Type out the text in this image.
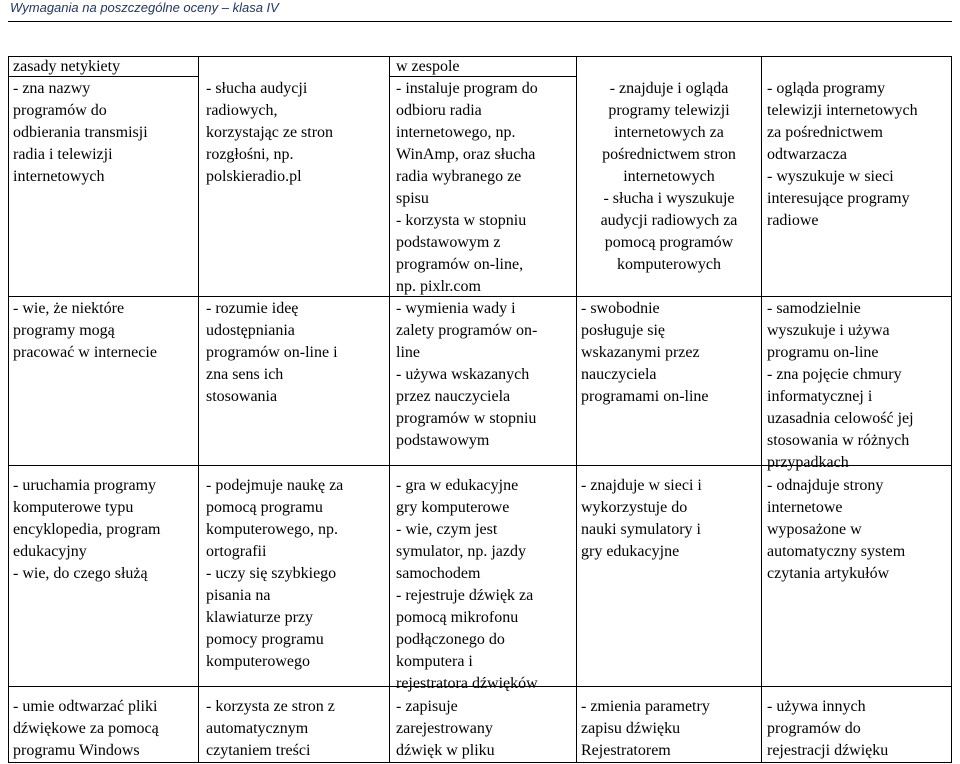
Wymagania na poszczególne oceny – klasa IV

zasady netykiety

- zna nazwy
programów do
odbierania transmisji
radia i telewizji
internetowych

- wie, że niektóre
programy mogą
pracować w internecie

- uruchamia programy
komputerowe typu
encyklopedia, program
edukacyjny
- wie, do czego służą

- umie odtwarzać pliki
dźwiękowe za pomocą
programu Windows

- słucha audycji
radiowych,
korzystając ze stron
rozgłośni, np.
polskieradio.pl

- rozumie ideę
udostępniania
programów on-line i
zna sens ich
stosowania

- podejmuje naukę za
pomocą programu
komputerowego, np.
ortografii
- uczy się szybkiego
pisania na
klawiaturze przy
pomocy programu
komputerowego

- korzysta ze stron z
automatycznym
czytaniem treści

w zespole

- instaluje program do
odbioru radia
internetowego, np.
WinAmp, oraz słucha
radia wybranego ze
spisu
- korzysta w stopniu
podstawowym z
programów on-line,
np. pixlr.com

- wymienia wady i
zalety programów on-
line
- używa wskazanych
przez nauczyciela
programów w stopniu
podstawowym

- gra w edukacyjne
gry komputerowe
- wie, czym jest
symulator, np. jazdy
samochodem
- rejestruje dźwięk za
pomocą mikrofonu
podłączonego do
komputera i
rejestratora dźwięków

- zapisuje
zarejestrowany
dźwięk w pliku

- znajduje i ogląda
programy telewizji
internetowych za
pośrednictwem stron
internetowych
- słucha i wyszukuje
audycji radiowych za
pomocą programów
komputerowych

- swobodnie
posługuje się
wskazanymi przez
nauczyciela
programami on-line

- znajduje w sieci i
wykorzystuje do
nauki symulatory i
gry edukacyjne

- zmienia parametry
zapisu dźwięku
Rejestratorem

- ogląda programy
telewizji internetowych
za pośrednictwem
odtwarzacza
- wyszukuje w sieci
interesujące programy
radiowe

- samodzielnie
wyszukuje i używa
programu on-line
- zna pojęcie chmury
informatycznej i
uzasadnia celowość jej
stosowania w różnych
przypadkach

- odnajduje strony
internetowe
wyposażone w
automatyczny system
czytania artykułów

- używa innych
programów do
rejestracji dźwięku
